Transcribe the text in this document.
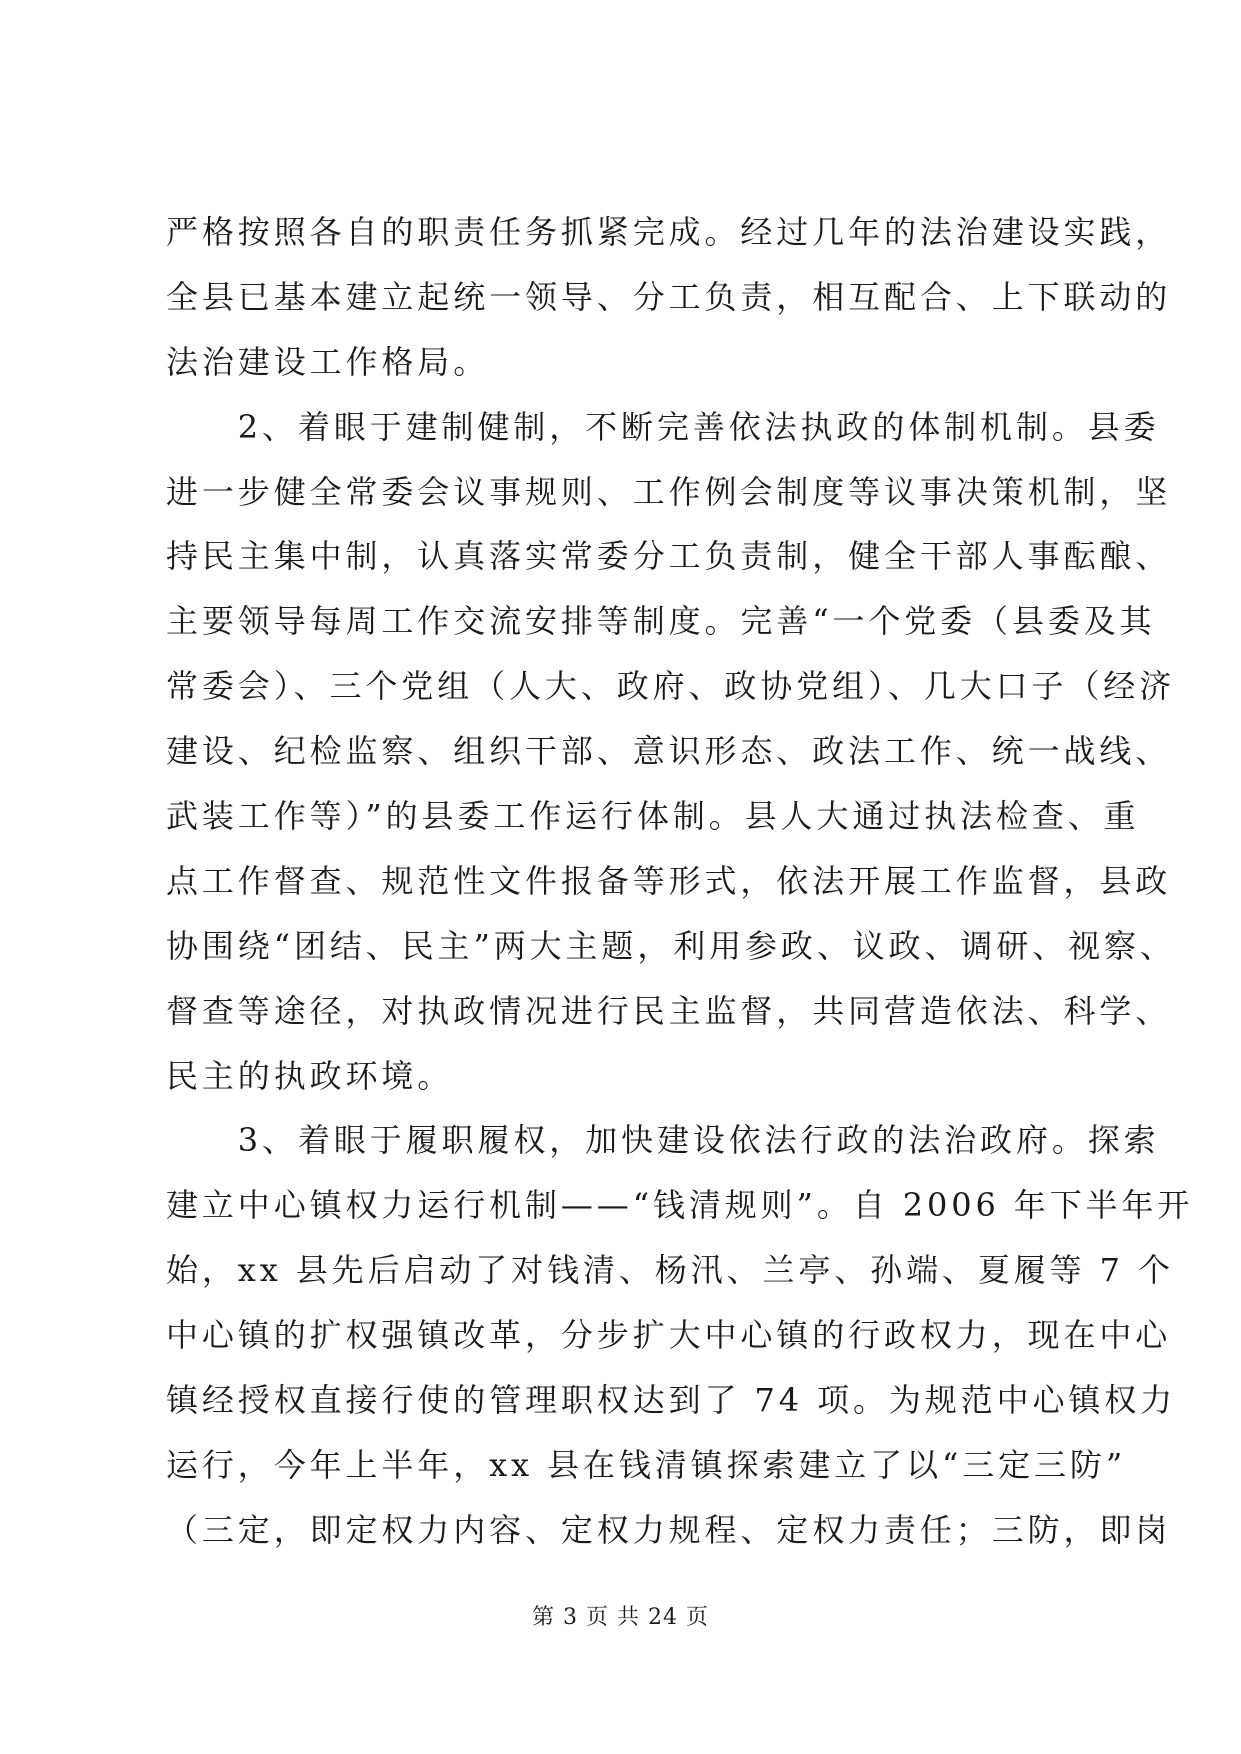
严格按照各自的职责任务抓紧完成。经过几年的法治建设实践，
全县已基本建立起统一领导、分工负责，相互配合、上下联动的
法治建设工作格局。
　　2、着眼于建制健制，不断完善依法执政的体制机制。县委
进一步健全常委会议事规则、工作例会制度等议事决策机制，坚
持民主集中制，认真落实常委分工负责制，健全干部人事酝酿、
主要领导每周工作交流安排等制度。完善“一个党委（县委及其
常委会）、三个党组（人大、政府、政协党组）、几大口子（经济
建设、纪检监察、组织干部、意识形态、政法工作、统一战线、
武装工作等）”的县委工作运行体制。县人大通过执法检查、重
点工作督查、规范性文件报备等形式，依法开展工作监督，县政
协围绕“团结、民主”两大主题，利用参政、议政、调研、视察、
督查等途径，对执政情况进行民主监督，共同营造依法、科学、
民主的执政环境。
　　3、着眼于履职履权，加快建设依法行政的法治政府。探索
建立中心镇权力运行机制——“钱清规则”。自 2006 年下半年开
始，xx 县先后启动了对钱清、杨汛、兰亭、孙端、夏履等 7 个
中心镇的扩权强镇改革，分步扩大中心镇的行政权力，现在中心
镇经授权直接行使的管理职权达到了 74 项。为规范中心镇权力
运行，今年上半年，xx 县在钱清镇探索建立了以“三定三防”
（三定，即定权力内容、定权力规程、定权力责任；三防，即岗
第 3 页 共 24 页
